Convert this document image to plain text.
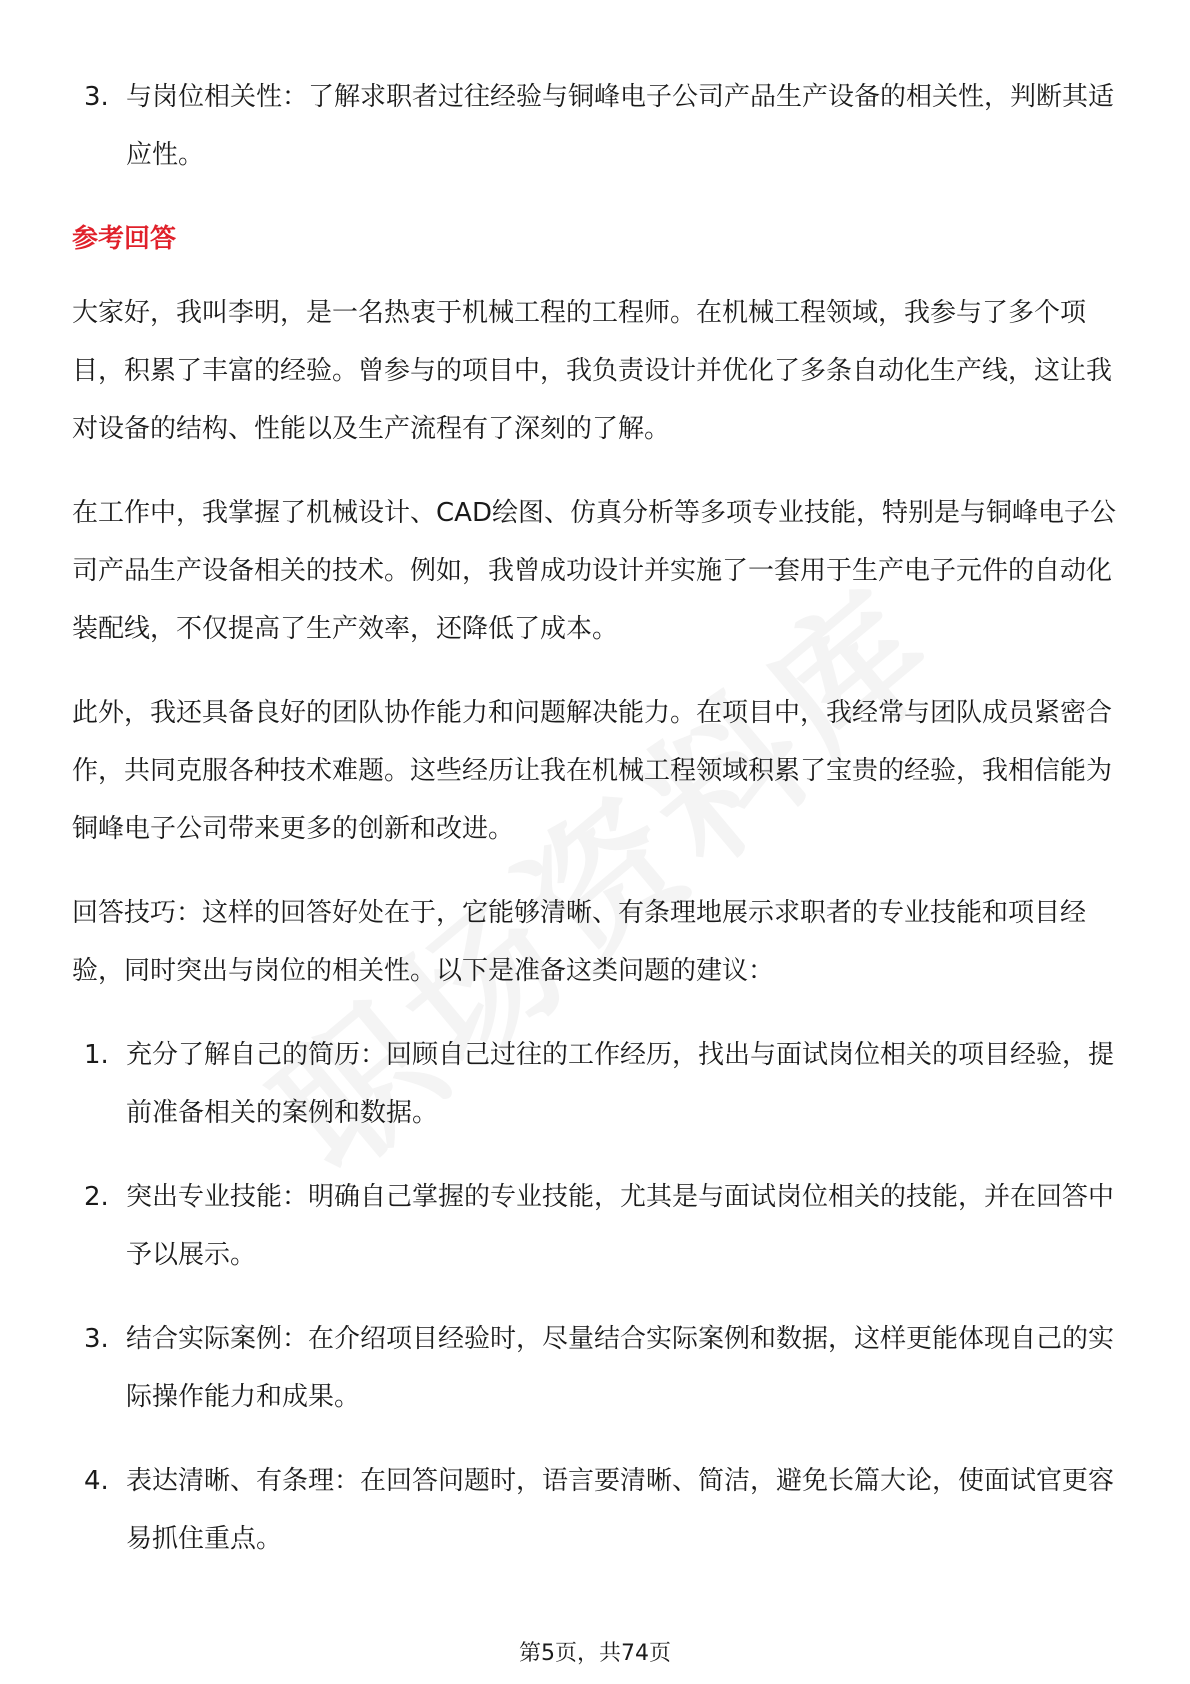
3. 与岗位相关性：了解求职者过往经验与铜峰电子公司产品生产设备的相关性，判断其适应性。
参考回答

大家好，我叫李明，是一名热衷于机械工程的工程师。在机械工程领域，我参与了多个项目，积累了丰富的经验。曾参与的项目中，我负责设计并优化了多条自动化生产线，这让我对设备的结构、性能以及生产流程有了深刻的了解。

在工作中，我掌握了机械设计、CAD绘图、仿真分析等多项专业技能，特别是与铜峰电子公司产品生产设备相关的技术。例如，我曾成功设计并实施了一套用于生产电子元件的自动化装配线，不仅提高了生产效率，还降低了成本。

此外，我还具备良好的团队协作能力和问题解决能力。在项目中，我经常与团队成员紧密合作，共同克服各种技术难题。这些经历让我在机械工程领域积累了宝贵的经验，我相信能为铜峰电子公司带来更多的创新和改进。

回答技巧：这样的回答好处在于，它能够清晰、有条理地展示求职者的专业技能和项目经验，同时突出与岗位的相关性。以下是准备这类问题的建议：

1. 充分了解自己的简历：回顾自己过往的工作经历，找出与面试岗位相关的项目经验，提前准备相关的案例和数据。
2. 突出专业技能：明确自己掌握的专业技能，尤其是与面试岗位相关的技能，并在回答中予以展示。
3. 结合实际案例：在介绍项目经验时，尽量结合实际案例和数据，这样更能体现自己的实际操作能力和成果。
4. 表达清晰、有条理：在回答问题时，语言要清晰、简洁，避免长篇大论，使面试官更容易抓住重点。
第5页，共74页
